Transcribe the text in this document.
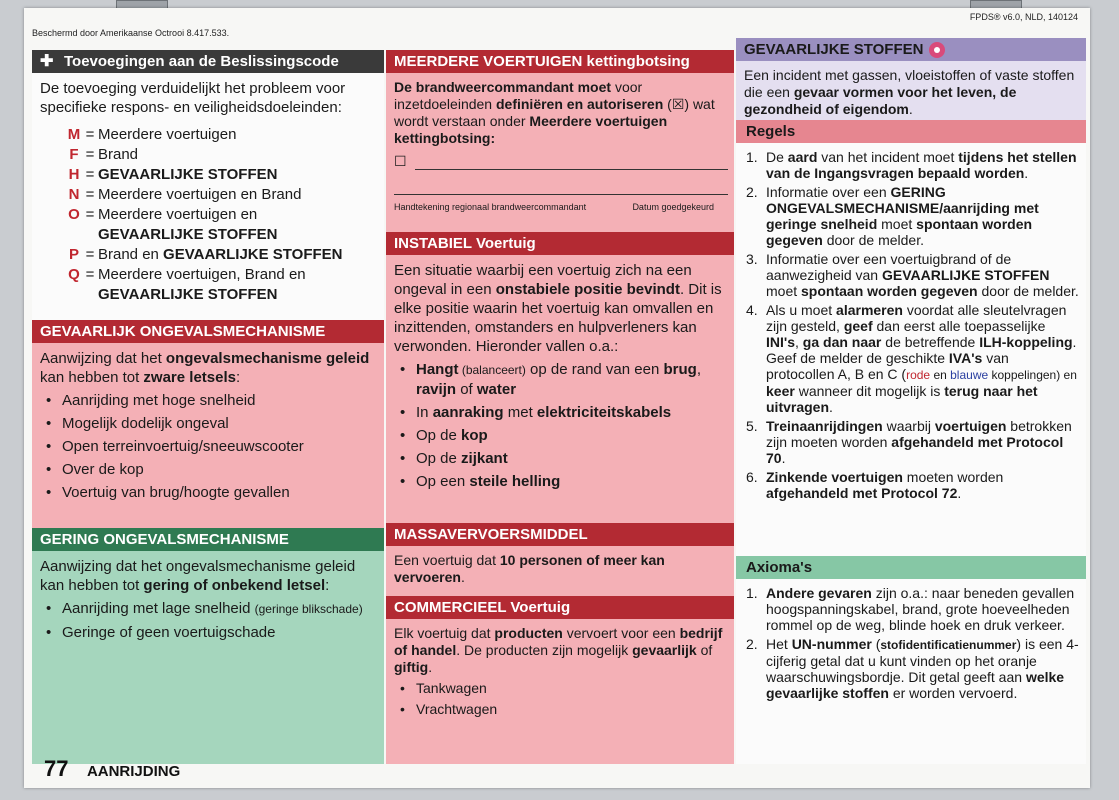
Beschermd door Amerikaanse Octrooi 8.417.533.
FPDS® v6.0, NLD, 140124
✚ Toevoegingen aan de Beslissingscode
De toevoeging verduidelijkt het probleem voor specifieke respons- en veiligheidsdoeleinden:
M = Meerdere voertuigen
F = Brand
H = GEVAARLIJKE STOFFEN
N = Meerdere voertuigen en Brand
O = Meerdere voertuigen en
GEVAARLIJKE STOFFEN
P = Brand en GEVAARLIJKE STOFFEN
Q = Meerdere voertuigen, Brand en
GEVAARLIJKE STOFFEN
GEVAARLIJK ONGEVALSMECHANISME
Aanwijzing dat het ongevalsmechanisme geleid kan hebben tot zware letsels:
• Aanrijding met hoge snelheid
• Mogelijk dodelijk ongeval
• Open terreinvoertuig/sneeuwscooter
• Over de kop
• Voertuig van brug/hoogte gevallen
GERING ONGEVALSMECHANISME
Aanwijzing dat het ongevalsmechanisme geleid kan hebben tot gering of onbekend letsel:
• Aanrijding met lage snelheid (geringe blikschade)
• Geringe of geen voertuigschade
MEERDERE VOERTUIGEN kettingbotsing
De brandweercommandant moet voor inzetdoeleinden definiëren en autoriseren (☒) wat wordt verstaan onder Meerdere voertuigen kettingbotsing:
☐
Handtekening regionaal brandweercommandant	Datum goedgekeurd
INSTABIEL Voertuig
Een situatie waarbij een voertuig zich na een ongeval in een onstabiele positie bevindt. Dit is elke positie waarin het voertuig kan omvallen en inzittenden, omstanders en hulpverleners kan verwonden. Hieronder vallen o.a.:
• Hangt (balanceert) op de rand van een brug, ravijn of water
• In aanraking met elektriciteitskabels
• Op de kop
• Op de zijkant
• Op een steile helling
MASSAVERVOERSMIDDEL
Een voertuig dat 10 personen of meer kan vervoeren.
COMMERCIEEL Voertuig
Elk voertuig dat producten vervoert voor een bedrijf of handel. De producten zijn mogelijk gevaarlijk of giftig.
• Tankwagen
• Vrachtwagen
GEVAARLIJKE STOFFEN
Een incident met gassen, vloeistoffen of vaste stoffen die een gevaar vormen voor het leven, de gezondheid of eigendom.
Regels
1. De aard van het incident moet tijdens het stellen van de Ingangsvragen bepaald worden.
2. Informatie over een GERING ONGEVALSMECHANISME/aanrijding met geringe snelheid moet spontaan worden gegeven door de melder.
3. Informatie over een voertuigbrand of de aanwezigheid van GEVAARLIJKE STOFFEN moet spontaan worden gegeven door de melder.
4. Als u moet alarmeren voordat alle sleutelvragen zijn gesteld, geef dan eerst alle toepasselijke INI's, ga dan naar de betreffende ILH-koppeling. Geef de melder de geschikte IVA's van protocollen A, B en C (rode en blauwe koppelingen) en keer wanneer dit mogelijk is terug naar het uitvragen.
5. Treinaanrijdingen waarbij voertuigen betrokken zijn moeten worden afgehandeld met Protocol 70.
6. Zinkende voertuigen moeten worden afgehandeld met Protocol 72.
Axioma's
1. Andere gevaren zijn o.a.: naar beneden gevallen hoogspanningskabel, brand, grote hoeveelheden rommel op de weg, blinde hoek en druk verkeer.
2. Het UN-nummer (stofidentificatienummer) is een 4-cijferig getal dat u kunt vinden op het oranje waarschuwingsbordje. Dit getal geeft aan welke gevaarlijke stoffen er worden vervoerd.
77 AANRIJDING
